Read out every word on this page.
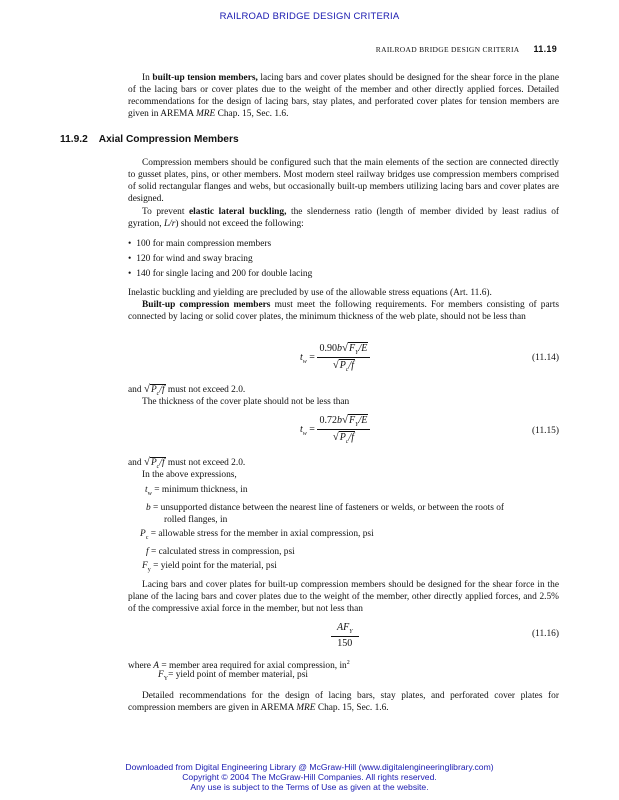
RAILROAD BRIDGE DESIGN CRITERIA
RAILROAD BRIDGE DESIGN CRITERIA 11.19
In built-up tension members, lacing bars and cover plates should be designed for the shear force in the plane of the lacing bars or cover plates due to the weight of the member and other directly applied forces. Detailed recommendations for the design of lacing bars, stay plates, and perforated cover plates for tension members are given in AREMA MRE Chap. 15, Sec. 1.6.
11.9.2 Axial Compression Members
Compression members should be configured such that the main elements of the section are connected directly to gusset plates, pins, or other members. Most modern steel railway bridges use compression members comprised of solid rectangular flanges and webs, but occasionally built-up members utilizing lacing bars and cover plates are designed.
To prevent elastic lateral buckling, the slenderness ratio (length of member divided by least radius of gyration, L/r) should not exceed the following:
• 100 for main compression members
• 120 for wind and sway bracing
• 140 for single lacing and 200 for double lacing
Inelastic buckling and yielding are precluded by use of the allowable stress equations (Art. 11.6).
Built-up compression members must meet the following requirements. For members consisting of parts connected by lacing or solid cover plates, the minimum thickness of the web plate, should not be less than
$t_w = \frac{0.90b√F_Y/E}{√P_c/f}$	(11.14)
and $√P_c/f$ must not exceed 2.0.
The thickness of the cover plate should not be less than
$t_w = \frac{0.72b√F_Y/E}{√P_c/f}$	(11.15)
and $√P_c/f$ must not exceed 2.0.
In the above expressions,
$t_w$ = minimum thickness, in
b = unsupported distance between the nearest line of fasteners or welds, or between the roots of
rolled flanges, in
$P_c$ = allowable stress for the member in axial compression, psi
f = calculated stress in compression, psi
$F_y$ = yield point for the material, psi
Lacing bars and cover plates for built-up compression members should be designed for the shear force in the plane of the lacing bars and cover plates due to the weight of the member, other directly applied forces, and 2.5% of the compressive axial force in the member, but not less than
$\frac{AF_Y}{150}$	(11.16)
where A = member area required for axial compression, $in^2$
$F_Y=$ yield point of member material, psi
Detailed recommendations for the design of lacing bars, stay plates, and perforated cover plates for compression members are given in AREMA MRE Chap. 15, Sec. 1.6.
Downloaded from Digital Engineering Library @ McGraw-Hill (www.digitalengineeringlibrary.com)
Copyright © 2004 The McGraw-Hill Companies. All rights reserved.
Any use is subject to the Terms of Use as given at the website.
